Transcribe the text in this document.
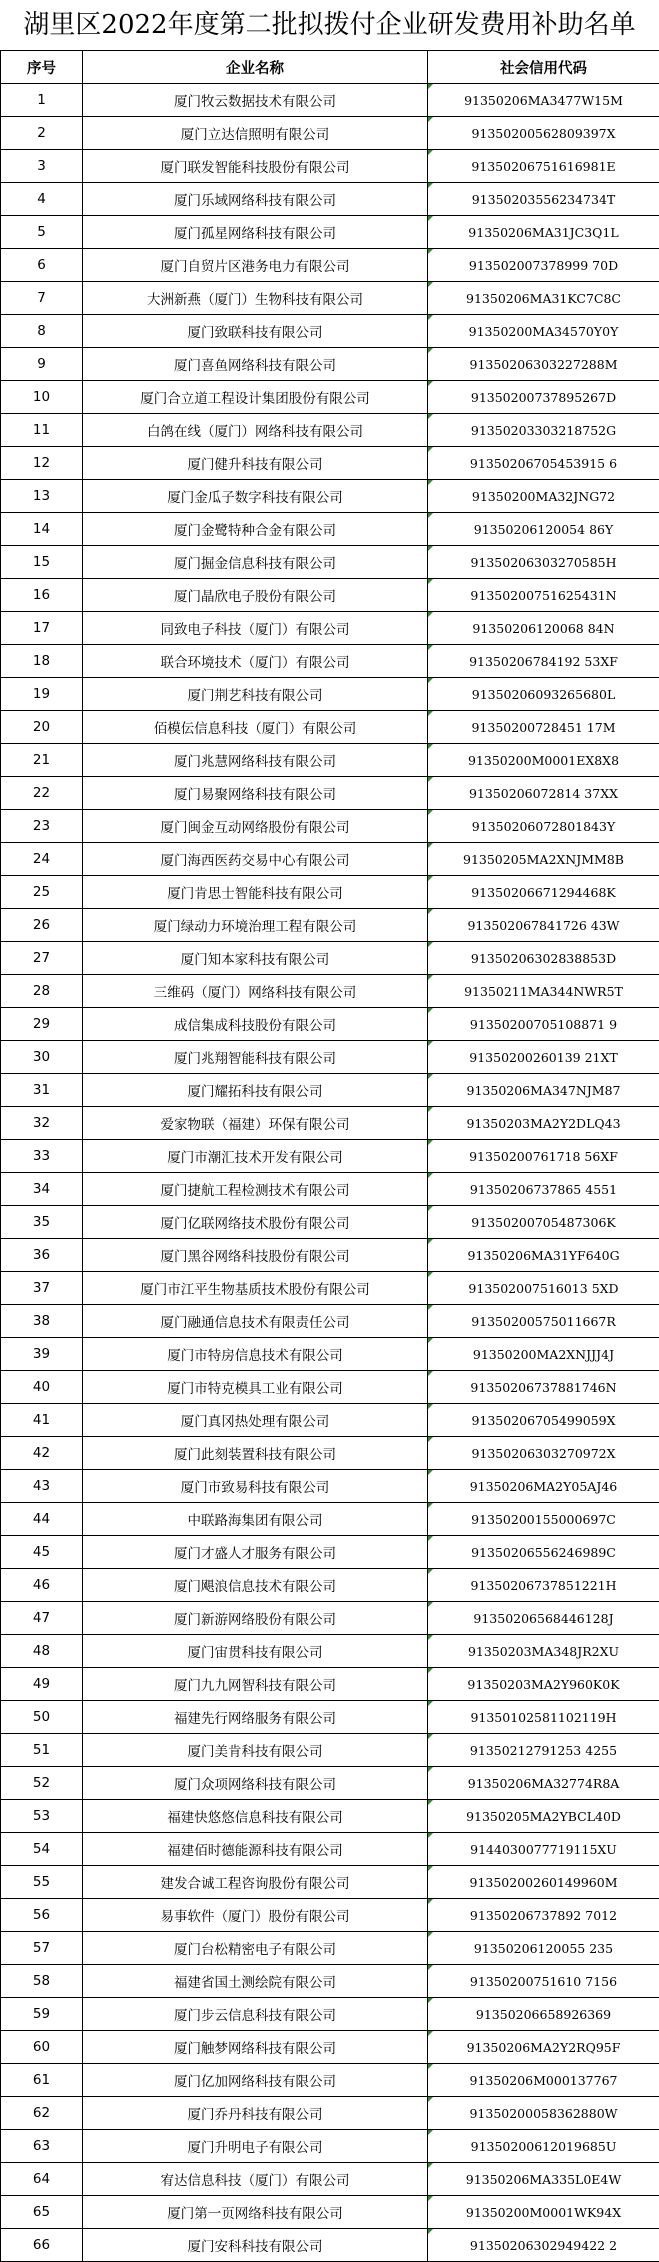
湖里区2022年度第二批拟拨付企业研发费用补助名单
序号	企业名称	社会信用代码
1	厦门牧云数据技术有限公司	91350206MA3477W15M
2	厦门立达信照明有限公司	91350200562809397X
3	厦门联发智能科技股份有限公司	91350206751616981E
4	厦门乐域网络科技有限公司	91350203556234734T
5	厦门孤星网络科技有限公司	91350206MA31JC3Q1L
6	厦门自贸片区港务电力有限公司	913502007378999 70D
7	大洲新燕（厦门）生物科技有限公司	91350206MA31KC7C8C
8	厦门致联科技有限公司	91350200MA34570Y0Y
9	厦门喜鱼网络科技有限公司	91350206303227288M
10	厦门合立道工程设计集团股份有限公司	91350200737895267D
11	白鸽在线（厦门）网络科技有限公司	91350203303218752G
12	厦门健升科技有限公司	91350206705453915 6
13	厦门金瓜子数字科技有限公司	91350200MA32JNG72
14	厦门金鹭特种合金有限公司	91350206120054 86Y
15	厦门掘金信息科技有限公司	91350206303270585H
16	厦门晶欣电子股份有限公司	91350200751625431N
17	同致电子科技（厦门）有限公司	91350206120068 84N
18	联合环境技术（厦门）有限公司	91350206784192 53XF
19	厦门荆艺科技有限公司	91350206093265680L
20	佰模伝信息科技（厦门）有限公司	91350200728451 17M
21	厦门兆慧网络科技有限公司	91350200M0001EX8X8
22	厦门易聚网络科技有限公司	91350206072814 37XX
23	厦门闽金互动网络股份有限公司	91350206072801843Y
24	厦门海西医药交易中心有限公司	91350205MA2XNJMM8B
25	厦门肯思士智能科技有限公司	91350206671294468K
26	厦门绿动力环境治理工程有限公司	913502067841726 43W
27	厦门知本家科技有限公司	91350206302838853D
28	三维码（厦门）网络科技有限公司	91350211MA344NWR5T
29	成信集成科技股份有限公司	91350200705108871 9
30	厦门兆翔智能科技有限公司	91350200260139 21XT
31	厦门耀拓科技有限公司	91350206MA347NJM87
32	爱家物联（福建）环保有限公司	91350203MA2Y2DLQ43
33	厦门市潮汇技术开发有限公司	91350200761718 56XF
34	厦门捷航工程检测技术有限公司	91350206737865 4551
35	厦门亿联网络技术股份有限公司	91350200705487306K
36	厦门黑谷网络科技股份有限公司	91350206MA31YF640G
37	厦门市江平生物基质技术股份有限公司	913502007516013 5XD
38	厦门融通信息技术有限责任公司	91350200575011667R
39	厦门市特房信息技术有限公司	91350200MA2XNJJJ4J
40	厦门市特克模具工业有限公司	91350206737881746N
41	厦门真冈热处理有限公司	91350206705499059X
42	厦门此刻装置科技有限公司	91350206303270972X
43	厦门市致易科技有限公司	91350206MA2Y05AJ46
44	中联路海集团有限公司	91350200155000697C
45	厦门才盛人才服务有限公司	91350206556246989C
46	厦门飓浪信息技术有限公司	91350206737851221H
47	厦门新游网络股份有限公司	91350206568446128J
48	厦门宙贯科技有限公司	91350203MA348JR2XU
49	厦门九九网智科技有限公司	91350203MA2Y960K0K
50	福建先行网络服务有限公司	91350102581102119H
51	厦门美肯科技有限公司	91350212791253 4255
52	厦门众项网络科技有限公司	91350206MA32774R8A
53	福建快悠悠信息科技有限公司	91350205MA2YBCL40D
54	福建佰时德能源科技有限公司	9144030077719115XU
55	建发合诚工程咨询股份有限公司	91350200260149960M
56	易事软件（厦门）股份有限公司	91350206737892 7012
57	厦门台松精密电子有限公司	91350206120055 235
58	福建省国土测绘院有限公司	91350200751610 7156
59	厦门步云信息科技有限公司	91350206658926369
60	厦门触梦网络科技有限公司	91350206MA2Y2RQ95F
61	厦门亿加网络科技有限公司	91350206M000137767
62	厦门乔丹科技有限公司	91350200058362880W
63	厦门升明电子有限公司	91350200612019685U
64	宥达信息科技（厦门）有限公司	91350206MA335L0E4W
65	厦门第一页网络科技有限公司	91350200M0001WK94X
66	厦门安科科技有限公司	91350206302949422 2
